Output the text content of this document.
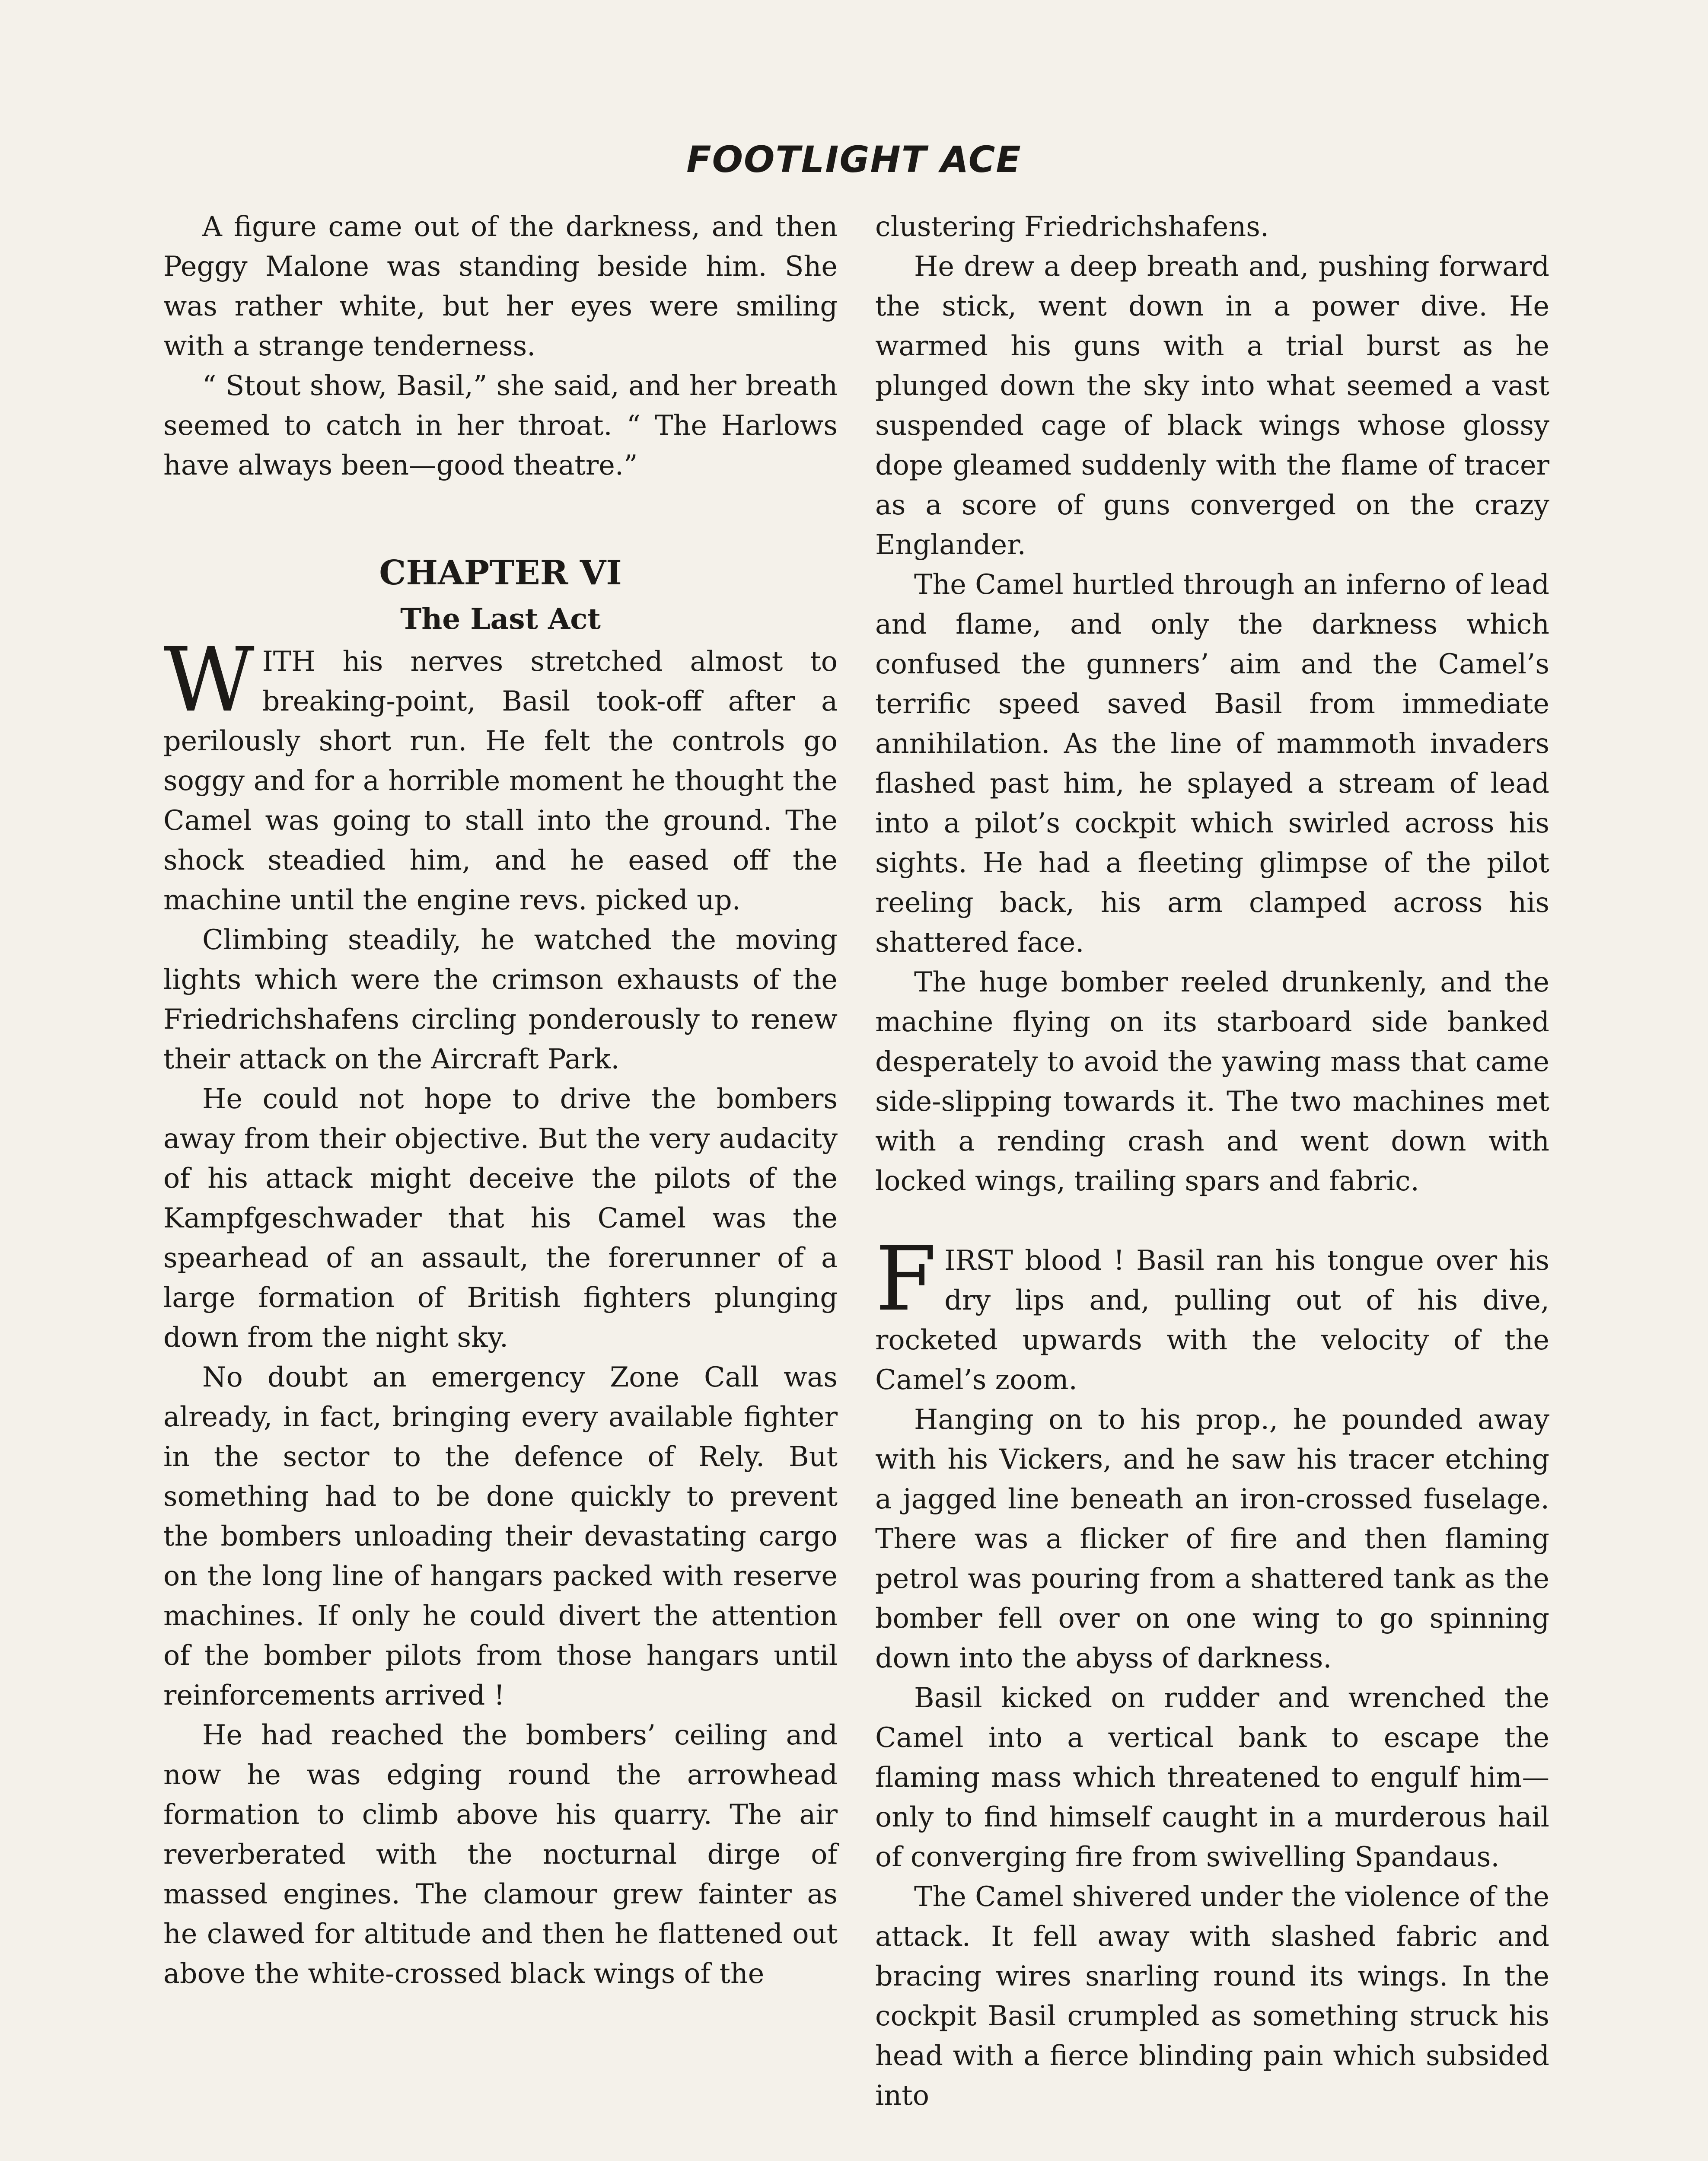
FOOTLIGHT ACE

A figure came out of the darkness, and then Peggy Malone was standing beside him. She was rather white, but her eyes were smiling with a strange tenderness.

“ Stout show, Basil,” she said, and her breath seemed to catch in her throat. “ The Harlows have always been—good theatre.”

CHAPTER VI

The Last Act

WITH his nerves stretched almost to breaking-point, Basil took-off after a perilously short run. He felt the controls go soggy and for a horrible moment he thought the Camel was going to stall into the ground. The shock steadied him, and he eased off the machine until the engine revs. picked up.

Climbing steadily, he watched the moving lights which were the crimson exhausts of the Friedrichshafens circling ponderously to renew their attack on the Aircraft Park.

He could not hope to drive the bombers away from their objective. But the very audacity of his attack might deceive the pilots of the Kampfgeschwader that his Camel was the spearhead of an assault, the forerunner of a large formation of British fighters plunging down from the night sky.

No doubt an emergency Zone Call was already, in fact, bringing every available fighter in the sector to the defence of Rely. But something had to be done quickly to prevent the bombers unloading their devastating cargo on the long line of hangars packed with reserve machines. If only he could divert the attention of the bomber pilots from those hangars until reinforcements arrived !

He had reached the bombers’ ceiling and now he was edging round the arrowhead formation to climb above his quarry. The air reverberated with the nocturnal dirge of massed engines. The clamour grew fainter as he clawed for altitude and then he flattened out above the white-crossed black wings of the

clustering Friedrichshafens.

He drew a deep breath and, pushing forward the stick, went down in a power dive. He warmed his guns with a trial burst as he plunged down the sky into what seemed a vast suspended cage of black wings whose glossy dope gleamed suddenly with the flame of tracer as a score of guns converged on the crazy Englander.

The Camel hurtled through an inferno of lead and flame, and only the darkness which confused the gunners’ aim and the Camel’s terrific speed saved Basil from immediate annihilation. As the line of mammoth invaders flashed past him, he splayed a stream of lead into a pilot’s cockpit which swirled across his sights. He had a fleeting glimpse of the pilot reeling back, his arm clamped across his shattered face.

The huge bomber reeled drunkenly, and the machine flying on its starboard side banked desperately to avoid the yawing mass that came side-slipping towards it. The two machines met with a rending crash and went down with locked wings, trailing spars and fabric.

FIRST blood ! Basil ran his tongue over his dry lips and, pulling out of his dive, rocketed upwards with the velocity of the Camel’s zoom.

Hanging on to his prop., he pounded away with his Vickers, and he saw his tracer etching a jagged line beneath an iron-crossed fuselage. There was a flicker of fire and then flaming petrol was pouring from a shattered tank as the bomber fell over on one wing to go spinning down into the abyss of darkness.

Basil kicked on rudder and wrenched the Camel into a vertical bank to escape the flaming mass which threatened to engulf him—only to find himself caught in a murderous hail of converging fire from swivelling Spandaus.

The Camel shivered under the violence of the attack. It fell away with slashed fabric and bracing wires snarling round its wings. In the cockpit Basil crumpled as something struck his head with a fierce blinding pain which subsided into
